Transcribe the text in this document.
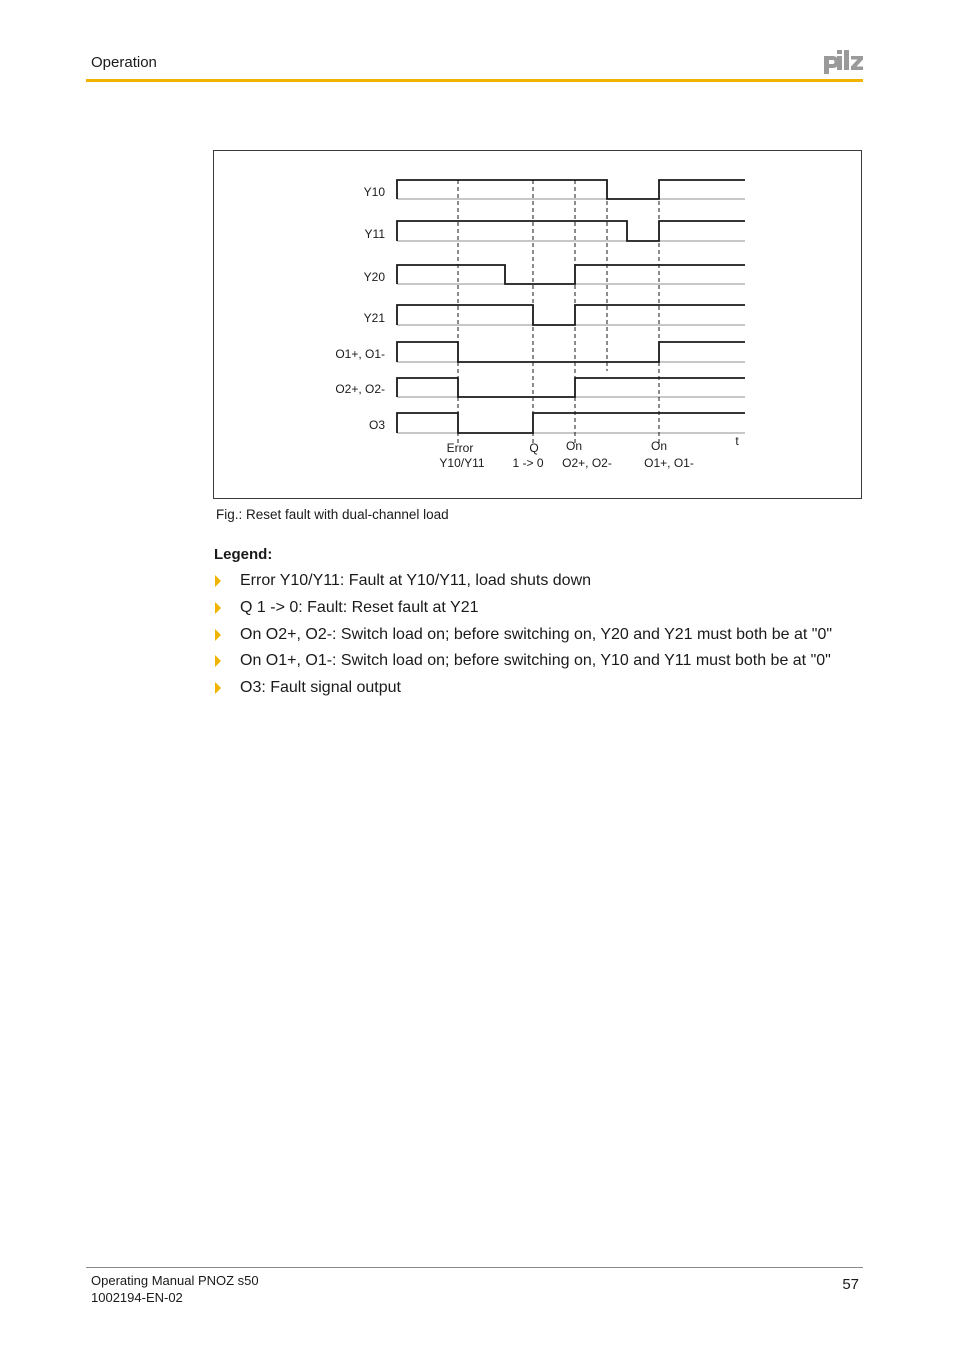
Operation
Y10
Y11
Y20
Y21
O1+, O1-
O2+, O2-
O3
Error
Y10/Y11
Q
1 -> 0
On
O2+, O2-
On
O1+, O1-
t
Fig.: Reset fault with dual-channel load
Legend:
Error Y10/Y11: Fault at Y10/Y11, load shuts down
Q 1 -> 0: Fault: Reset fault at Y21
On O2+, O2-: Switch load on; before switching on, Y20 and Y21 must both be at "0"
On O1+, O1-: Switch load on; before switching on, Y10 and Y11 must both be at "0"
O3: Fault signal output
Operating Manual PNOZ s50
1002194-EN-02
57
